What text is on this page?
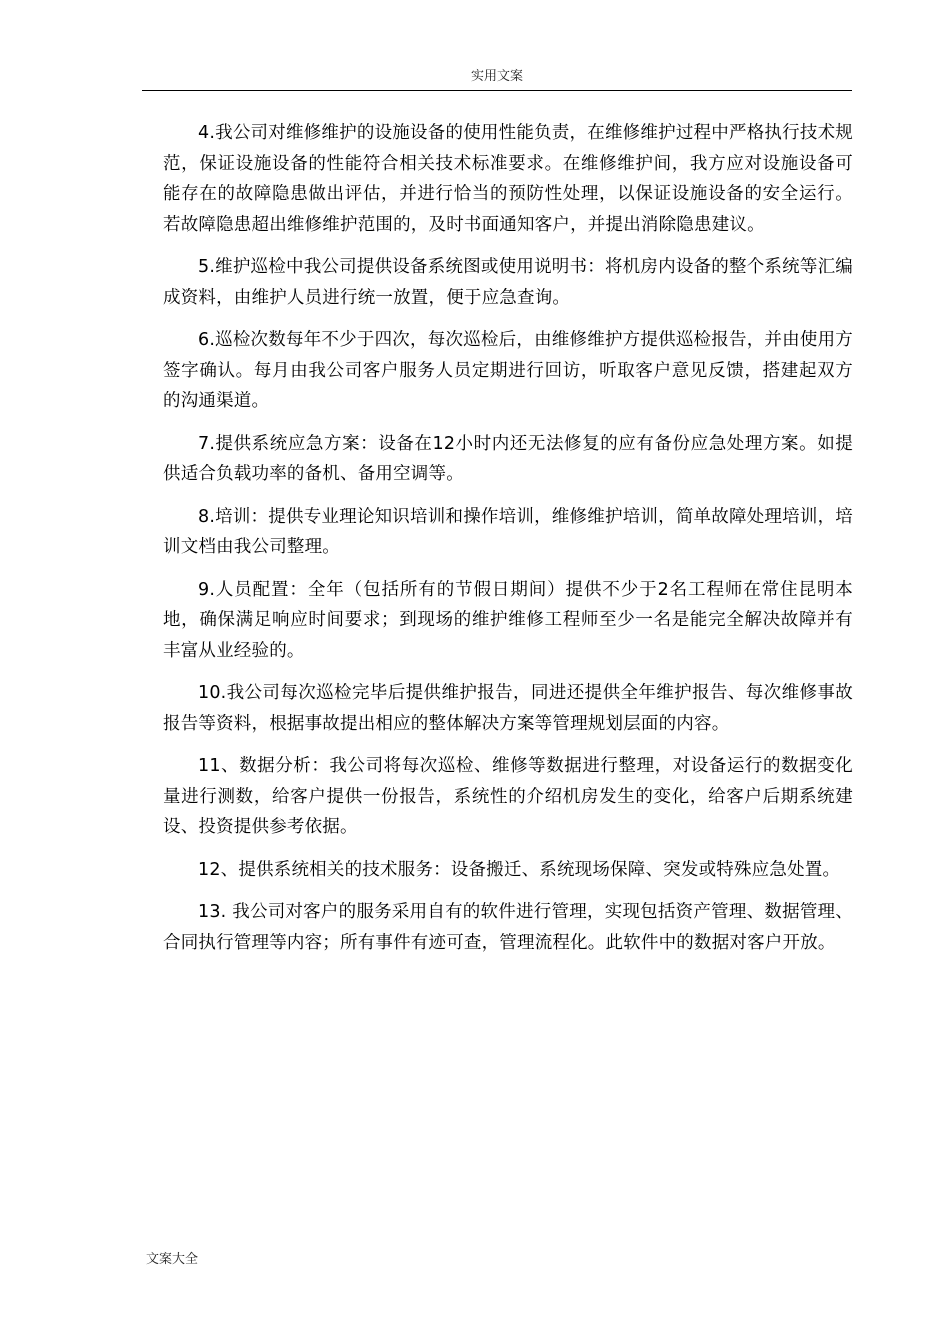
实用文案

4.我公司对维修维护的设施设备的使用性能负责，在维修维护过程中严格执行技术规范，保证设施设备的性能符合相关技术标准要求。在维修维护间，我方应对设施设备可能存在的故障隐患做出评估，并进行恰当的预防性处理，以保证设施设备的安全运行。若故障隐患超出维修维护范围的，及时书面通知客户，并提出消除隐患建议。

5.维护巡检中我公司提供设备系统图或使用说明书：将机房内设备的整个系统等汇编成资料，由维护人员进行统一放置，便于应急查询。

6.巡检次数每年不少于四次，每次巡检后，由维修维护方提供巡检报告，并由使用方签字确认。每月由我公司客户服务人员定期进行回访，听取客户意见反馈，搭建起双方的沟通渠道。

7.提供系统应急方案：设备在12小时内还无法修复的应有备份应急处理方案。如提供适合负载功率的备机、备用空调等。

8.培训：提供专业理论知识培训和操作培训，维修维护培训，简单故障处理培训，培训文档由我公司整理。

9.人员配置：全年（包括所有的节假日期间）提供不少于2名工程师在常住昆明本地，确保满足响应时间要求；到现场的维护维修工程师至少一名是能完全解决故障并有丰富从业经验的。

10.我公司每次巡检完毕后提供维护报告，同进还提供全年维护报告、每次维修事故报告等资料，根据事故提出相应的整体解决方案等管理规划层面的内容。

11、数据分析：我公司将每次巡检、维修等数据进行整理，对设备运行的数据变化量进行测数，给客户提供一份报告，系统性的介绍机房发生的变化，给客户后期系统建设、投资提供参考依据。

12、提供系统相关的技术服务：设备搬迁、系统现场保障、突发或特殊应急处置。

13. 我公司对客户的服务采用自有的软件进行管理，实现包括资产管理、数据管理、合同执行管理等内容；所有事件有迹可查，管理流程化。此软件中的数据对客户开放。

文案大全
